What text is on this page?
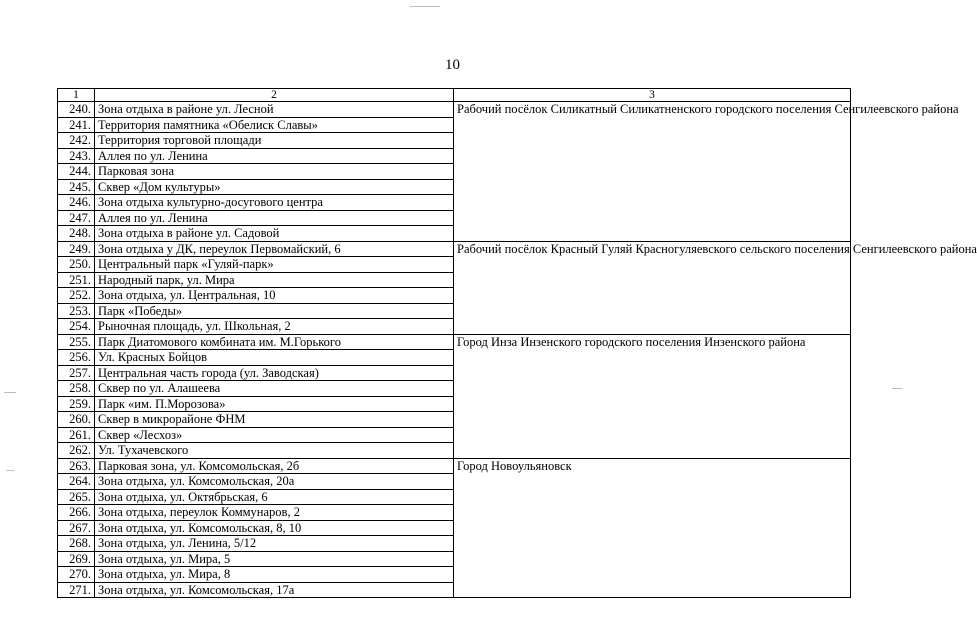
10
1	2	3
240.	Зона отдыха в районе ул. Лесной	Рабочий посёлок Силикатный Силикатненского городского поселения Сенгилеевского района
241.	Территория памятника «Обелиск Славы»	
242.	Территория торговой площади	
243.	Аллея по ул. Ленина	
244.	Парковая зона	
245.	Сквер «Дом культуры»	
246.	Зона отдыха культурно-досугового центра	
247.	Аллея по ул. Ленина	
248.	Зона отдыха в районе ул. Садовой	
249.	Зона отдыха у ДК, переулок Первомайский, 6	Рабочий посёлок Красный Гуляй Красногуляевского сельского поселения Сенгилеевского района
250.	Центральный парк «Гуляй-парк»	
251.	Народный парк, ул. Мира	
252.	Зона отдыха, ул. Центральная, 10	
253.	Парк «Победы»	
254.	Рыночная площадь, ул. Школьная, 2	
255.	Парк Диатомового комбината им. М.Горького	Город Инза Инзенского городского поселения Инзенского района
256.	Ул. Красных Бойцов	
257.	Центральная часть города (ул. Заводская)	
258.	Сквер по ул. Алашеева	
259.	Парк «им. П.Морозова»	
260.	Сквер в микрорайоне ФНМ	
261.	Сквер «Лесхоз»	
262.	Ул. Тухачевского	
263.	Парковая зона, ул. Комсомольская, 2б	Город Новоульяновск
264.	Зона отдыха, ул. Комсомольская, 20а	
265.	Зона отдыха, ул. Октябрьская, 6	
266.	Зона отдыха, переулок Коммунаров, 2	
267.	Зона отдыха, ул. Комсомольская, 8, 10	
268.	Зона отдыха, ул. Ленина, 5/12	
269.	Зона отдыха, ул. Мира, 5	
270.	Зона отдыха, ул. Мира, 8	
271.	Зона отдыха, ул. Комсомольская, 17а	
